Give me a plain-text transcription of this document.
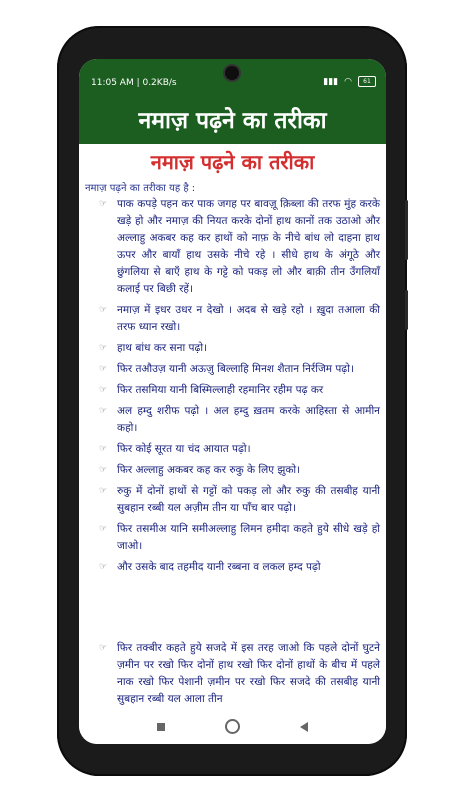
11:05 AM | 0.2KB/s	▮▮▮ ◠	61
नमाज़ पढ़ने का तरीका
नमाज़ पढ़ने का तरीका
नमाज़ पढ़ने का तरीका यह है :
☞ पाक कपड़े पहन कर पाक जगह पर बावज़ू क़िब्ला की तरफ मुंह करके खड़े हो और नमाज़ की नियत करके दोनों हाथ कानों तक उठाओ और अल्लाहु अकबर कह कर हाथों को नाफ़ के नीचे बांध लो दाहना हाथ ऊपर और बायाँ हाथ उसके नीचे रहे । सीधे हाथ के अंगूठे और छुंगलिया से बाएँ हाथ के गट्टे को पकड़ लो और बाक़ी तीन उँगलियाँ कलाई पर बिछी रहें।
☞ नमाज़ में इधर उधर न देखो । अदब से खड़े रहो । ख़ुदा तआला की तरफ ध्यान रखो।
☞ हाथ बांध कर सना पढ़ो।
☞ फिर तऔउज़ यानी अऊज़ु बिल्लाहि मिनश शैतान निर्रजिम पढ़ो।
☞ फिर तसमिया यानी बिस्मिल्लाही रहमानिर रहीम पढ़ कर
☞ अल हम्दु शरीफ पढ़ो । अल हम्दु ख़तम करके आहिस्ता से आमीन कहो।
☞ फिर कोई सूरत या चंद आयात पढ़ो।
☞ फिर अल्लाहु अकबर कह कर रुकु के लिए झुको।
☞ रुकु में दोनों हाथों से गट्टों को पकड़ लो और रुकु की तसबीह यानी सुबहान रब्बी यल अज़ीम तीन या पाँच बार पढ़ो।
☞ फिर तसमीअ यानि समीअल्लाहु लिमन हमीदा कहते हुये सीधे खड़े हो जाओ।
☞ और उसके बाद तहमीद यानी रब्बना व लकल हम्द पढ़ो
☞ फिर तक्बीर कहते हुये सजदे में इस तरह जाओ कि पहले दोनों घुटने ज़मीन पर रखो फिर दोनों हाथ रखो फिर दोनों हाथों के बीच में पहले नाक रखो फिर पेशानी ज़मीन पर रखो फिर सजदे की तसबीह यानी सुबहान रब्बी यल आला तीन
